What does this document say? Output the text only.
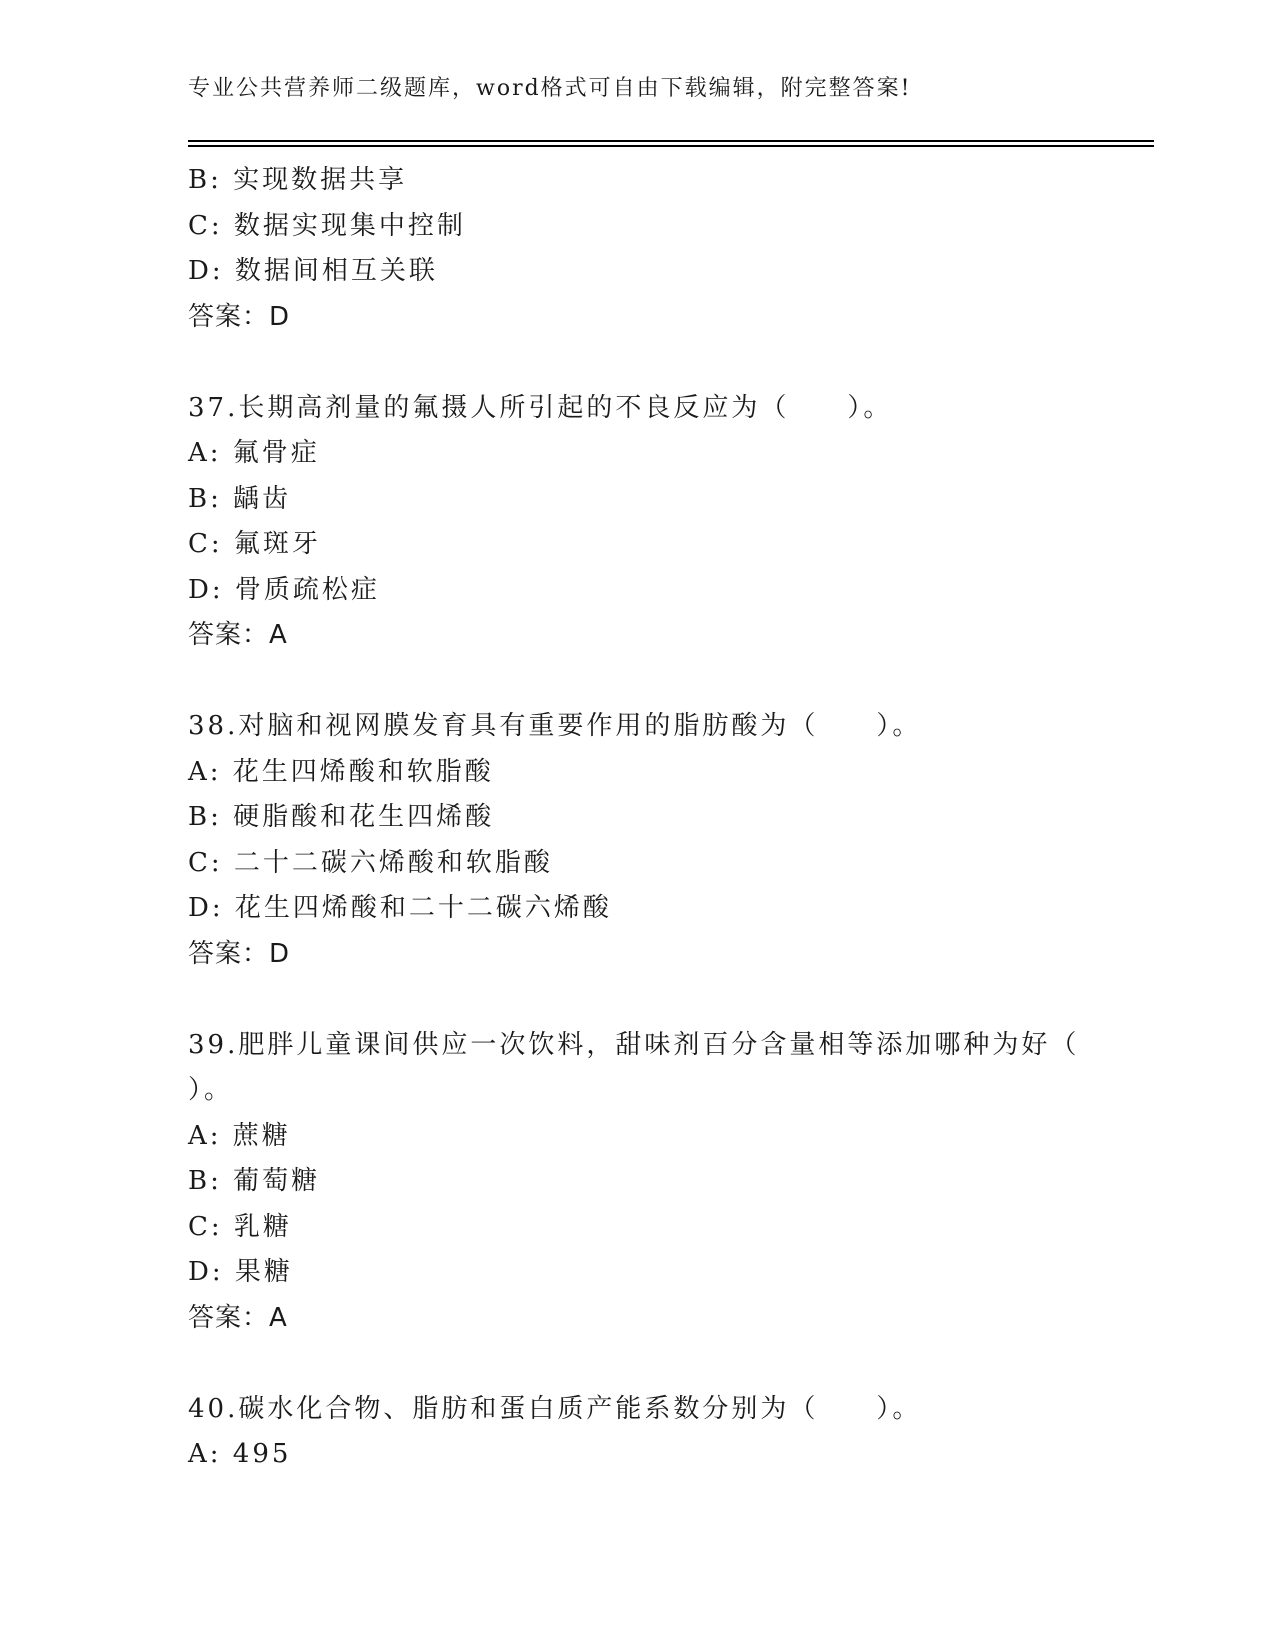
专业公共营养师二级题库，word格式可自由下载编辑，附完整答案!
B: 实现数据共享
C: 数据实现集中控制
D: 数据间相互关联
答案：D
37.长期高剂量的氟摄人所引起的不良反应为（　　）。
A: 氟骨症
B: 龋齿
C: 氟斑牙
D: 骨质疏松症
答案：A
38.对脑和视网膜发育具有重要作用的脂肪酸为（　　）。
A: 花生四烯酸和软脂酸
B: 硬脂酸和花生四烯酸
C: 二十二碳六烯酸和软脂酸
D: 花生四烯酸和二十二碳六烯酸
答案：D
39.肥胖儿童课间供应一次饮料，甜味剂百分含量相等添加哪种为好（
）。
A: 蔗糖
B: 葡萄糖
C: 乳糖
D: 果糖
答案：A
40.碳水化合物、脂肪和蛋白质产能系数分别为（　　）。
A: 495
